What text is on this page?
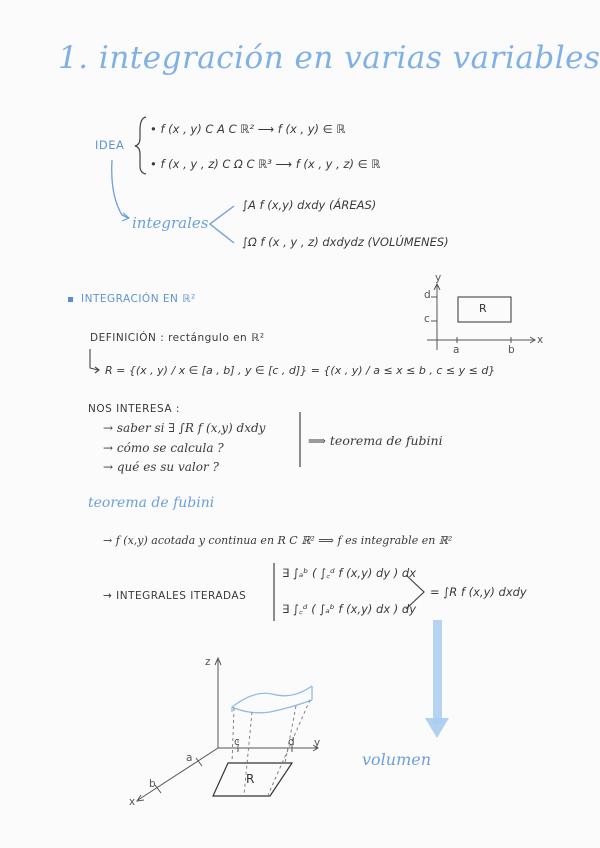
1. integración en varias variables
IDEA
• f (x , y) C A C ℝ² ⟶ f (x , y) ∈ ℝ
• f (x , y , z) C Ω C ℝ³ ⟶ f (x , y , z) ∈ ℝ
integrales
∫A f (x,y) dxdy (ÁREAS)
∫Ω f (x , y , z) dxdydz (VOLÚMENES)
INTEGRACIÓN EN ℝ²
DEFINICIÓN : rectángulo en ℝ²
R = {(x , y) / x ∈ [a , b] , y ∈ [c , d]} = {(x , y) / a ≤ x ≤ b , c ≤ y ≤ d}
y
x
d
c
a	b
R
NOS INTERESA :
→ saber si ∃ ∫R f (x,y) dxdy
→ cómo se calcula ?
→ qué es su valor ?
⟹ teorema de fubini
teorema de fubini
→ f (x,y) acotada y continua en R C ℝ² ⟹ f es integrable en ℝ²
→ INTEGRALES ITERADAS
∃ ∫ₐᵇ ( ∫꜀ᵈ f (x,y) dy ) dx
∃ ∫꜀ᵈ ( ∫ₐᵇ f (x,y) dx ) dy
= ∫R f (x,y) dxdy
z
y
x
a
b
c	d
R
volumen
